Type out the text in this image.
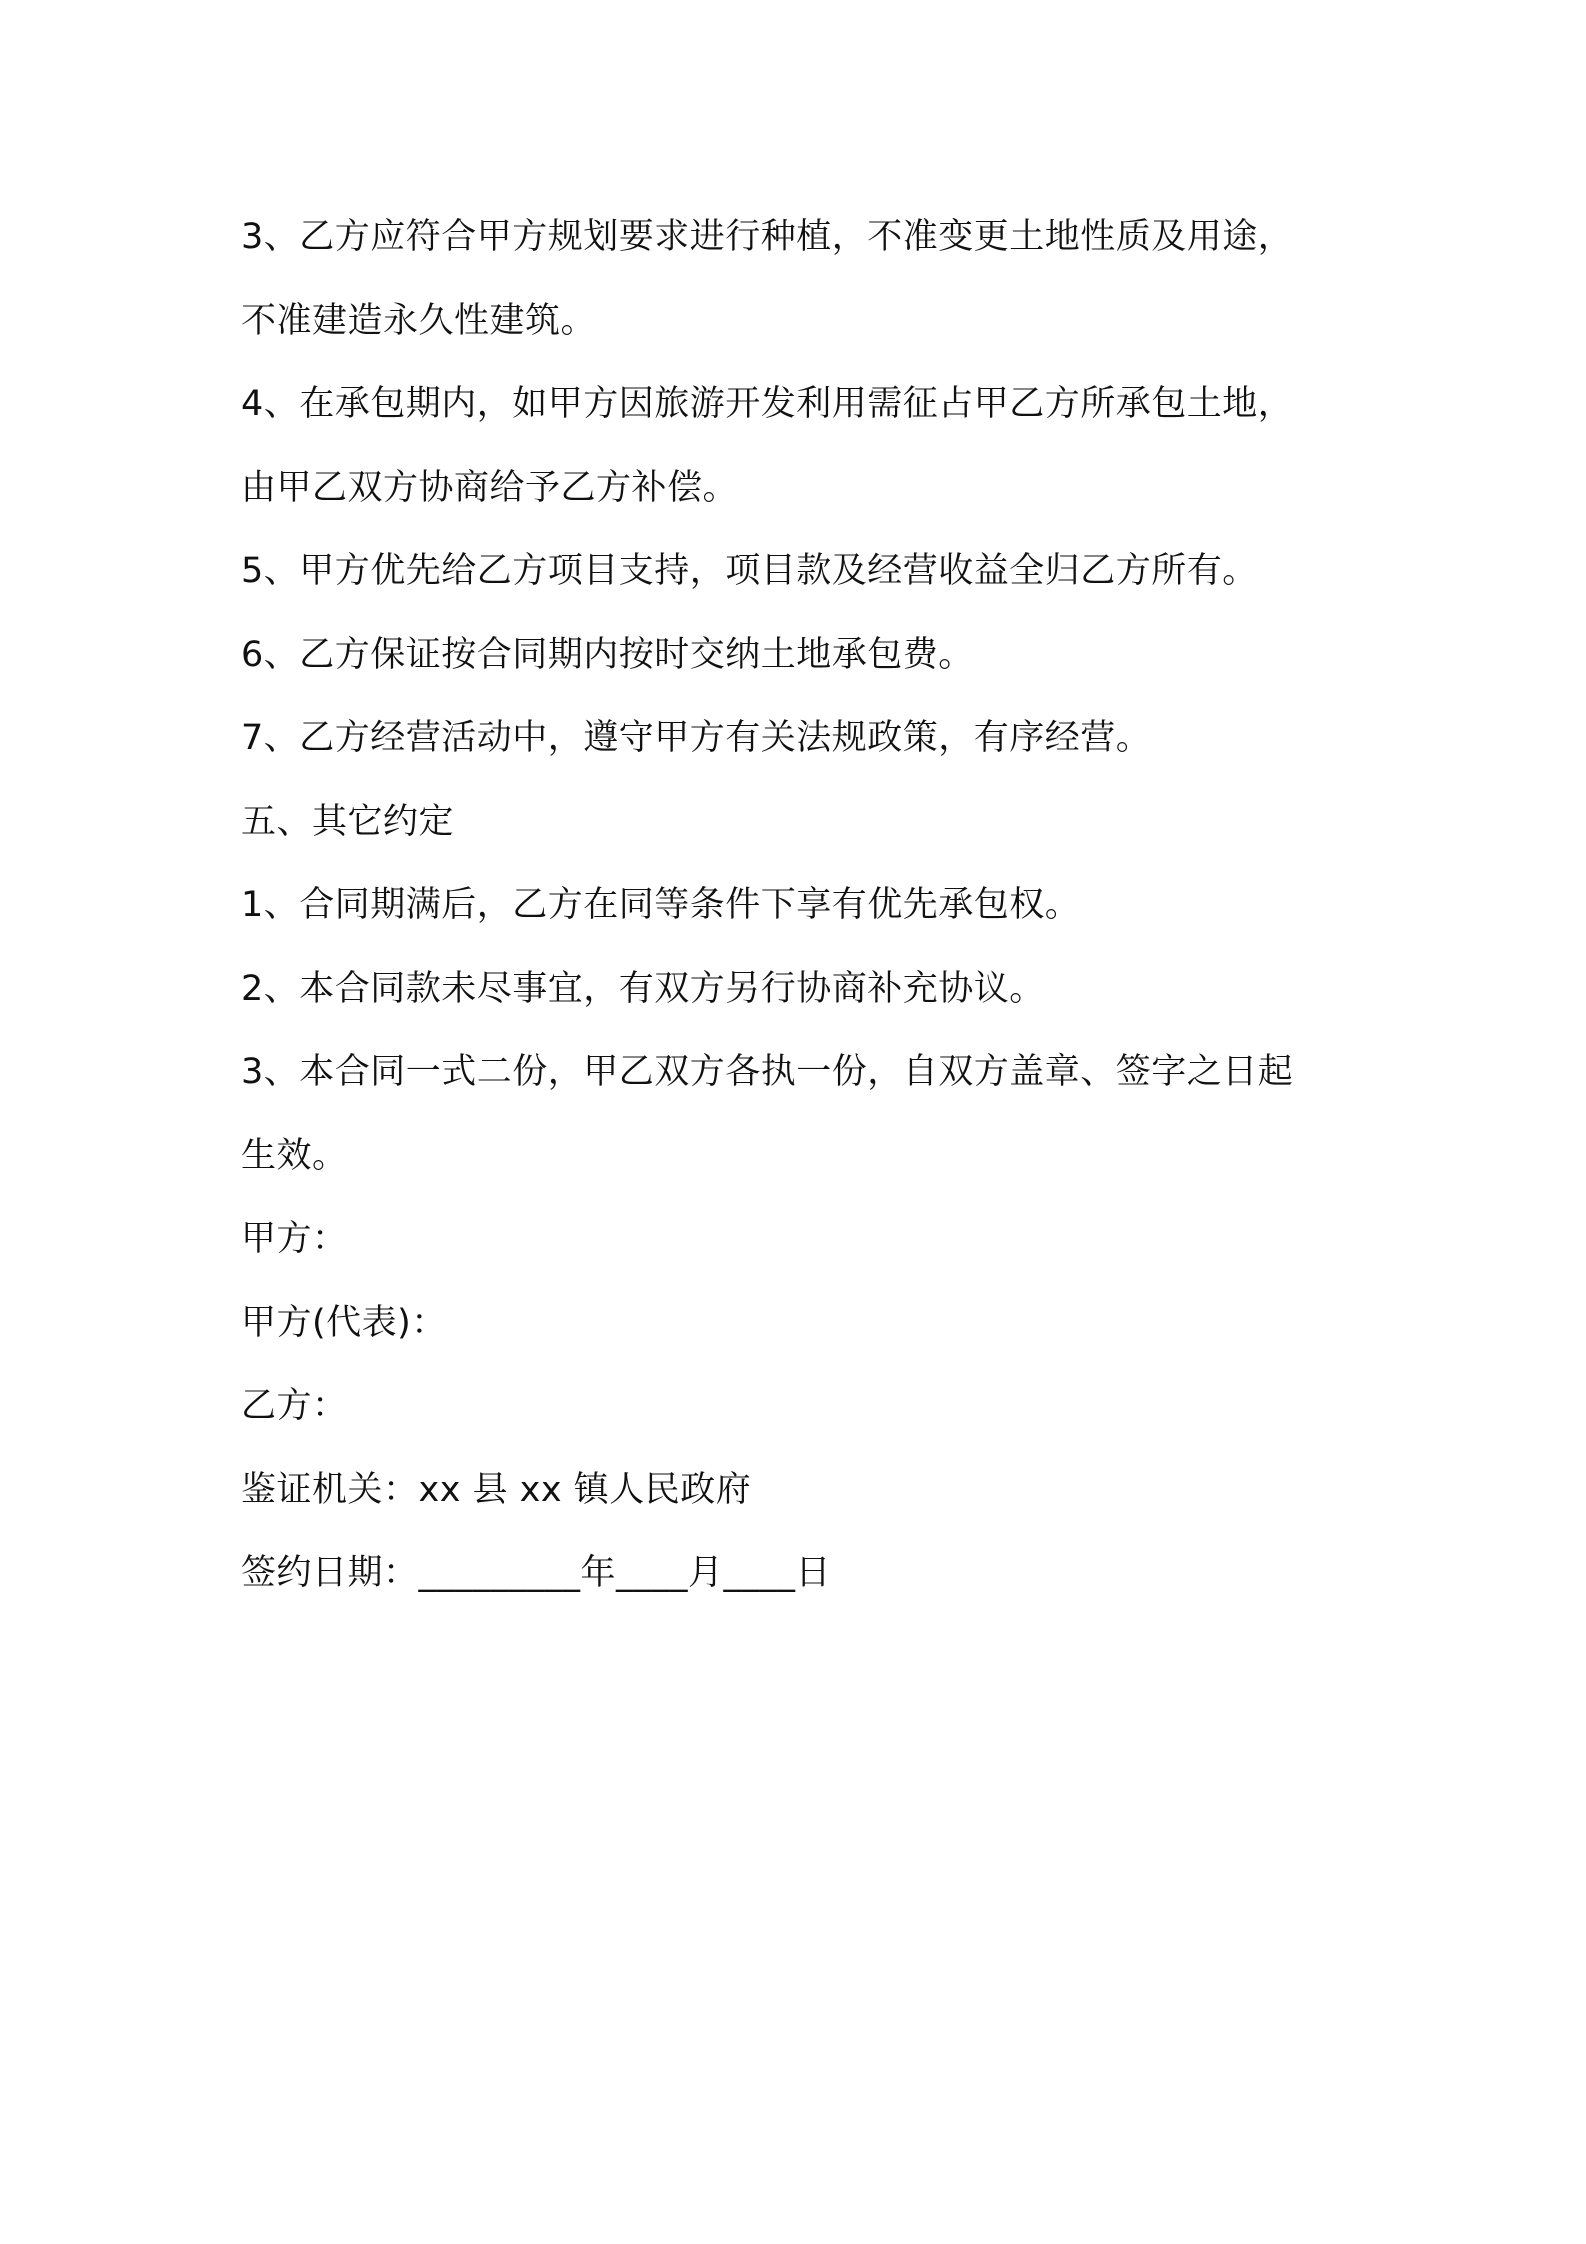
3、乙方应符合甲方规划要求进行种植，不准变更土地性质及用途，
不准建造永久性建筑。
4、在承包期内，如甲方因旅游开发利用需征占甲乙方所承包土地，
由甲乙双方协商给予乙方补偿。
5、甲方优先给乙方项目支持，项目款及经营收益全归乙方所有。
6、乙方保证按合同期内按时交纳土地承包费。
7、乙方经营活动中，遵守甲方有关法规政策，有序经营。
五、其它约定
1、合同期满后，乙方在同等条件下享有优先承包权。
2、本合同款未尽事宜，有双方另行协商补充协议。
3、本合同一式二份，甲乙双方各执一份，自双方盖章、签字之日起
生效。
甲方：
甲方(代表)：
乙方：
鉴证机关：xx 县 xx 镇人民政府
签约日期：_________年____月____日
